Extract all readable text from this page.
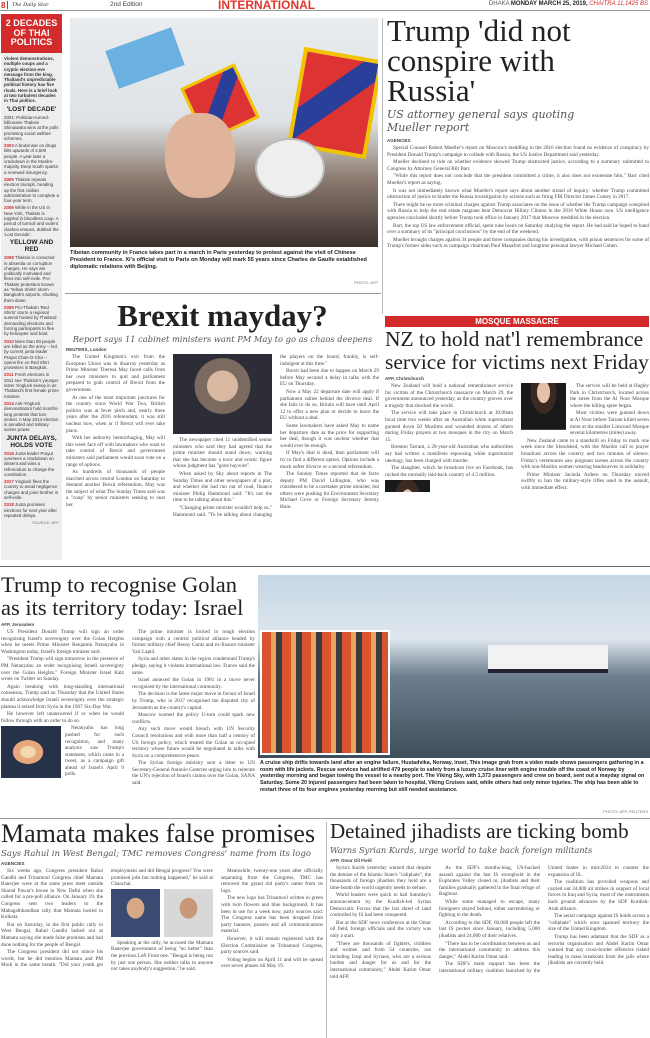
8 The Daily Star	2nd Edition	INTERNATIONAL	DHAKA MONDAY MARCH 25, 2019, CHAITRA 11,1425 BS
2 DECADES OF THAI POLITICS

Violent demonstrations, multiple coups and a cryptic election-eve message from the king. Thailand's unpredictable political history has five rivals. Here is a brief look at two turbulent decades in Thai politics.

'LOST DECADE'

2001: Politician-turned-billionaire Thaksin Shinawatra wins at the polls promising social welfare schemes.

2003 A brutal war on drugs kills upwards of 2,500 people. A year later a crackdown in the Muslim-majority Deep South sparks a renewed insurgency.

2005 Thaksin repeats election triumph, heading up the first civilian administration to complete a four-year term.

2006 While in the US in New York, Thaksin is toppled in bloodless coup. A period of turmoil and violent clashes ensues, dubbed the 'Lost Decade'.

YELLOW AND RED

2008 Thaksin is convicted in absentia on corruption charges. He says are politically motivated and flees into self-exile. Pro-Thaksin protesters known as 'Yellow Shirts' storm Bangkok's airports, shutting them down.

2009 Pro-Thaksin 'Red Shirts' storm a regional summit hosted by Thailand demanding elections and forcing participants to flee by helicopter and boat.

2010 More than 90 people are killed as the army -- led by current junta leader Prayut Chan-O-Cha -- opens fire on Red Shirt protesters in Bangkok.

2011 Fresh elections in 2011 see Thaksin's younger sister Yingluck sweep in as Thailand's first female prime minister.

2014 Anti-Yingluck demonstrators hold months-long protests that turn violent. A May 2014 election is annulled and military seizes power.

JUNTA DELAYS, HOLDS VOTE

2016 Junta leader Prayut oversees a crackdown on dissent and wins a referendum to change the constitution.

2017 Yingluck flees the country to avoid negligence charges and joins brother in self-exile.

2018 Junta promises elections for next year after repeated delays.

SOURCE: AFP
Tibetan community in France takes part in a march in Paris yesterday to protest against the visit of Chinese President to France. Xi's official visit to Paris on Monday will mark 55 years since Charles de Gaulle established diplomatic relations with Beijing.
PHOTO: AFP
Trump 'did not conspire with Russia'
US attorney general says quoting Mueller report
AGENCIES

Special Counsel Robert Mueller's report on Moscow's meddling in the 2016 election found no evidence of conspiracy by President Donald Trump's campaign to collude with Russia, the US Justice Department said yesterday.

Mueller declined to rule on whether evidence showed Trump obstructed justice, according to a summary submitted to Congress by Attorney General Bill Barr.

"While this report does not conclude that the president committed a crime, it also does not exonerate him," Barr cited Mueller's report as saying.

It was not immediately known what Mueller's report says about another strand of inquiry: whether Trump committed obstruction of justice to hinder the Russia investigation by actions such as firing FBI Director James Comey in 2017.

There might be no more criminal charges against Trump associates on the issue of whether the Trump campaign conspired with Russia to help the real estate magnate beat Democrat Hillary Clinton in the 2016 White House race. US intelligence agencies concluded shortly before Trump took office in January 2017 that Moscow meddled in the election.

Barr, the top US law enforcement official, spent nine hours on Saturday studying the report. He had said he hoped to hand over a summary of its "principal conclusions" by the end of the weekend.

Mueller brought charges against 34 people and three companies during his investigation, with prison sentences for some of Trump's former aides such as campaign chairman Paul Manafort and longtime personal lawyer Michael Cohen.

Brexit mayday?
Report says 11 cabinet ministers want PM May to go as chaos deepens
REUTERS, London

The United Kingdom's exit from the European Union was in disarray yesterday as Prime Minister Theresa May faced calls from her own ministers to quit and parliament prepared to grab control of Brexit from the government.

At one of the most important junctures for the country since World War Two, British politics was at fever pitch and, nearly three years after the 2016 referendum, it was still unclear how, when or if Brexit will ever take place.

With her authority hemorrhaging, May will this week face off with lawmakers who want to take control of Brexit and government ministers said parliament would soon vote on a range of options.

As hundreds of thousands of people marched across central London on Saturday to demand another Brexit referendum, May was the subject of what The Sunday Times said was a "coup" by senior ministers seeking to oust her.

The newspaper cited 11 unidentified senior ministers who said they had agreed that the prime minister should stand down, warning that she has become a toxic and erratic figure whose judgment has "gone haywire".

When asked by Sky about reports in The Sunday Times and other newspapers of a plot, and whether she had run out of road, finance minister Philip Hammond said: "It's not the time to be talking about this."

"Changing prime minister wouldn't help us," Hammond said. "To be talking about changing the players on the board, frankly, is self-indulgent at this time."

Brexit had been due to happen on March 29 before May secured a delay in talks with the EU on Thursday.

Now a May 22 departure date will apply if parliament rallies behind the divorce deal. If she fails to do so, Britain will have until April 12 to offer a new plan or decide to leave the EU without a deal.

Some lawmakers have asked May to name her departure date as the price for supporting her deal, though it was unclear whether that would ever be enough.

If May's deal is dead, then parliament will try to find a different option. Options include a much softer divorce or a second referendum.

The Sunday Times reported that de facto deputy PM David Lidington, who was considered to be a caretaker prime minister, but others were pushing for Environment Secretary Michael Gove or Foreign Secretary Jeremy Hunt.

MOSQUE MASSACRE
NZ to hold nat'l remembrance service for victims next Friday
AFP, Christchurch

New Zealand will hold a national remembrance service for victims of the Christchurch massacre on March 29, the government announced yesterday, as the country grieves over a tragedy that shocked the world.

The service will take place in Christchurch at 10:00am local time two weeks after an Australian white supremacist gunned down 50 Muslims and wounded dozens of others during Friday prayers at two mosques in the city on March 15.

Brenton Tarrant, a 28-year-old Australian who authorities say had written a manifesto espousing white supremacist ideology, has been charged with murder.

The slaughter, which he broadcast live on Facebook, has rocked the normally laid-back country of 4.5 million.

The service will be held at Hagley Park in Christchurch, located across the street from the Al Noor Mosque where the killing spree began.

Most victims were gunned down at Al Noor before Tarrant killed seven more at the smaller Linwood Mosque several kilometres (miles) away.

New Zealand came to a standstill on Friday to mark one week since the bloodshed, with the Muslim call to prayer broadcast across the country and two minutes of silence. Friday's ceremonies saw poignant scenes across the country with non-Muslim women wearing headscarves in solidarity.

Prime Minister Jacinda Ardern on Thursday moved swiftly to ban the military-style rifles used in the assault, with immediate effect.

Trump to recognise Golan as its territory today: Israel
AFP, Jerusalem

US President Donald Trump will sign an order recognising Israel's sovereignty over the Golan Heights when he meets Prime Minister Benjamin Netanyahu in Washington today, Israel's foreign minister said.

"President Trump will sign tomorrow in the presence of PM Netanyahu an order recognising Israeli sovereignty over the Golan Heights," Foreign Minister Israel Katz wrote on Twitter on Sunday.

Again breaking with long-standing international consensus, Trump said on Thursday that the United States should acknowledge Israeli sovereignty over the strategic plateau it seized from Syria in the 1967 Six-Day War.

He however left unanswered if or when he would follow through with an order to do so.

Netanyahu has long pushed for such recognition, and many analysts saw Trump's statement, which came in a tweet, as a campaign gift ahead of Israel's April 9 polls.

The prime minister is locked in tough election campaign with a centrist political alliance headed by former military chief Benny Gantz and ex-finance minister Yair Lapid.

Syria and other states in the region condemned Trump's pledge, saying it violates international law. France said the same.

Israel annexed the Golan in 1981 in a move never recognised by the international community.

The decision is the latest major move in favour of Israel by Trump, who in 2017 recognised the disputed city of Jerusalem as the country's capital.

Moscow warned the policy U-turn could spark new conflicts.

Any such move would breach with UN Security Council resolutions and with more than half a century of US foreign policy, which treated the Golan as occupied territory whose future would be negotiated in talks with Syria on a comprehensive peace.

The Syrian foreign ministry sent a letter to UN Secretary-General Antonio Guterres urging him to reiterate the UN's rejection of Israel's claims over the Golan, SANA said.

A cruise ship drifts towards land after an engine failure, Hustadvika, Norway, inset, This image grab from a video made shows passengers gathering in a room with life jackets. Rescue services had airlifted 479 people to safety from a luxury cruise liner with engine trouble off the coast of Norway by yesterday morning and began towing the vessel to a nearby port. The Viking Sky, with 1,373 passengers and crew on board, sent out a mayday signal on Saturday. Some 20 injured passengers had been taken to hospital, Viking Cruises said, while others had only minor injuries. The ship has been able to restart three of its four engines yesterday morning but still needed assistance.
PHOTO: AFP, REUTERS
Mamata makes false promises
Says Rahul in West Bengal; TMC removes Congress' name from its logo
AGENCIES

Six weeks ago, Congress president Rahul Gandhi and Trinamool Congress chief Mamata Banerjee were at the same press meet outside Sharad Pawar's house in New Delhi when she called for a pre-poll alliance. On January 19, the Congress sent two leaders to the Mahagathbandhan rally that Mamata hosted in Kolkata.

But on Saturday, in the first public rally in West Bengal, Rahul Gandhi lashed out at Mamata saying she made false promises and had done nothing for the people of Bengal.

The Congress president did not mince his words, but he did mention Mamata and PM Modi in the same breath. "Did your youth get employment and did Bengal progress? You were promised jobs but nothing happened," he said at Chanchal.

Speaking at the rally, he accused the Mamata Banerjee government of being "no better" than the previous Left Front one. "Bengal is being run by just one person. She neither talks to anyone nor takes anybody's suggestion," he said.

Meanwhile, twenty-one years after officially separating from the Congress, TMC has removed the grand old party's name from its logo.

The new logo has Trinamool written in green with twin flowers and blue background. It has been in use for a week now, party sources said. The Congress name has been dropped from party banners, posters and all communications material.

However, it will remain registered with the Election Commission as Trinamool Congress, party sources said.

Voting begins on April 11 and will be spread over seven phases till May 19.

Detained jihadists are ticking bomb
Warns Syrian Kurds, urge world to take back foreign militants
AFP, Omar Oil Field

Syria's Kurds yesterday warned that despite the demise of the Islamic State's "caliphate", the thousands of foreign jihadists they hold are a time-bomb the world urgently needs to defuse.

World leaders were quick to hail Saturday's announcement by the Kurdish-led Syrian Democratic Forces that the last shred of land controlled by IS had been conquered.

But at the SDF news conference at the Omar oil field, foreign officials said the victory was only a start.

"There are thousands of fighters, children and women and from 54 countries, not including Iraqi and Syrians, who are a serious burden and danger for us and for the international community," Abdel Karim Omar told AFP.

As the SDF's months-long, US-backed assault against the last IS stronghold in the Euphrates Valley closed in, jihadists and their families gradually gathered in the final refuge of Baghouz.

While some managed to escape, many foreigners stayed behind, either surrendering or fighting to the death.

According to the SDF, 66,000 people left the last IS pocket since January, including 5,000 jihadists and 24,000 of their relatives.

"There has to be coordination between us and the international community to address this danger," Abdel Karim Omar said.

The SDF's main support has been the international military coalition launched by the United States in mid-2014 to counter the expansion of IS.

The coalition has provided weapons and carried out 34,000 air strikes in support of local forces in Iraq and Syria, most of the instruments back ground advances by the SDF Kurdish-Arab alliance.

The aerial campaign against IS holds across a "caliphate" which once spanned territory the size of the United Kingdom.

Trump has been adamant that the SDF as a terrorist organisation and Abdel Karim Omar warned that any cross-border offensive risked leading to mass breakouts from the jails where jihadists are currently held.
